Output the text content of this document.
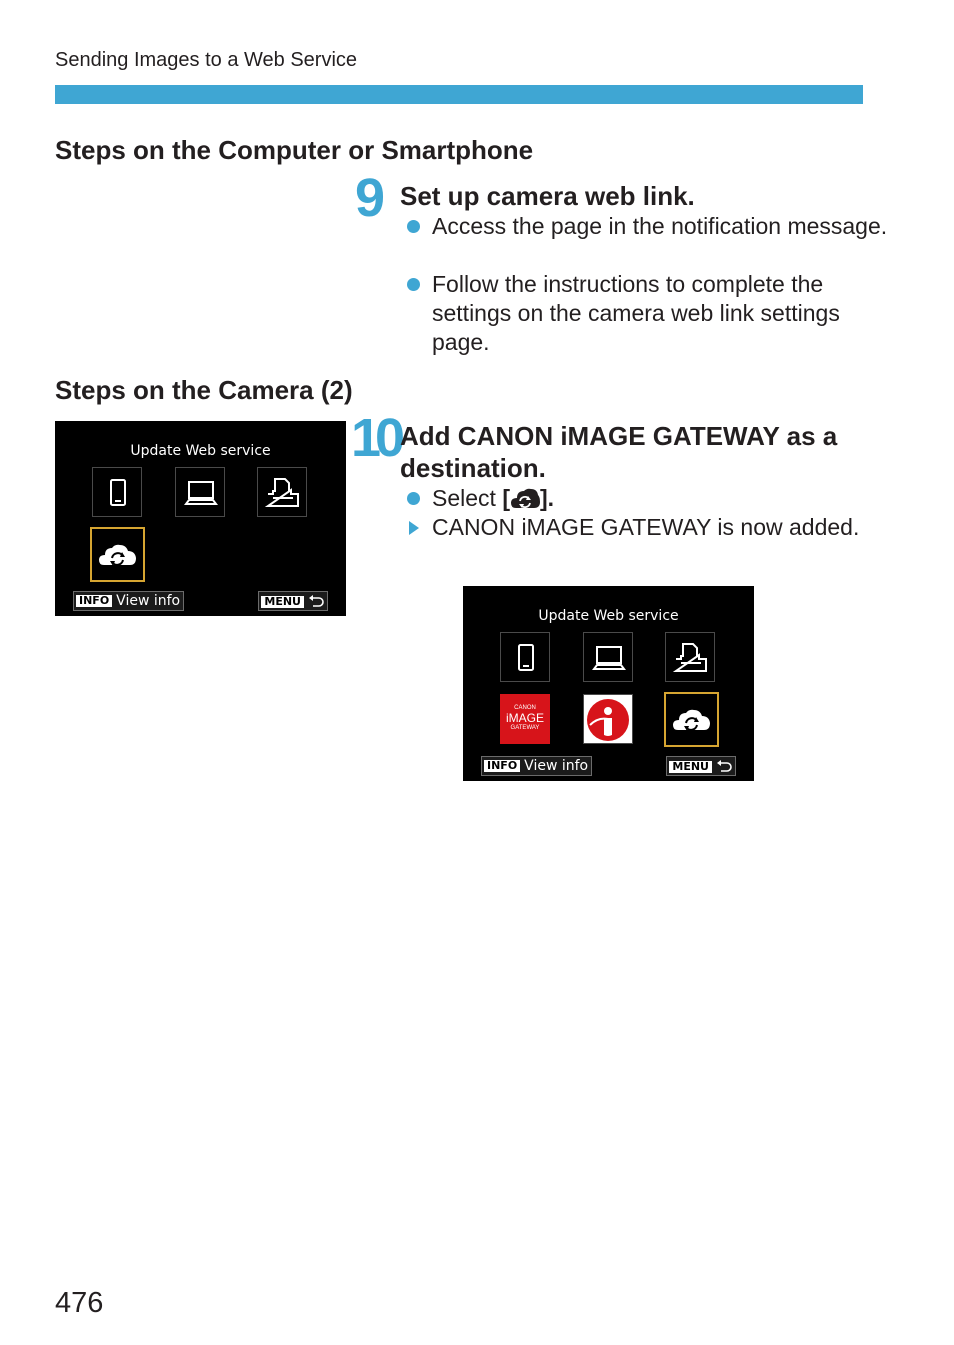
Sending Images to a Web Service
Steps on the Computer or Smartphone
9 Set up camera web link.
Access the page in the notification message.
Follow the instructions to complete the settings on the camera web link settings page.
Steps on the Camera (2)
Update Web service
INFO View info	MENU
10 Add CANON iMAGE GATEWAY as a destination.
Select [ ].
CANON iMAGE GATEWAY is now added.
Update Web service
CANON
iMAGE
GATEWAY
INFO View info	MENU
476
